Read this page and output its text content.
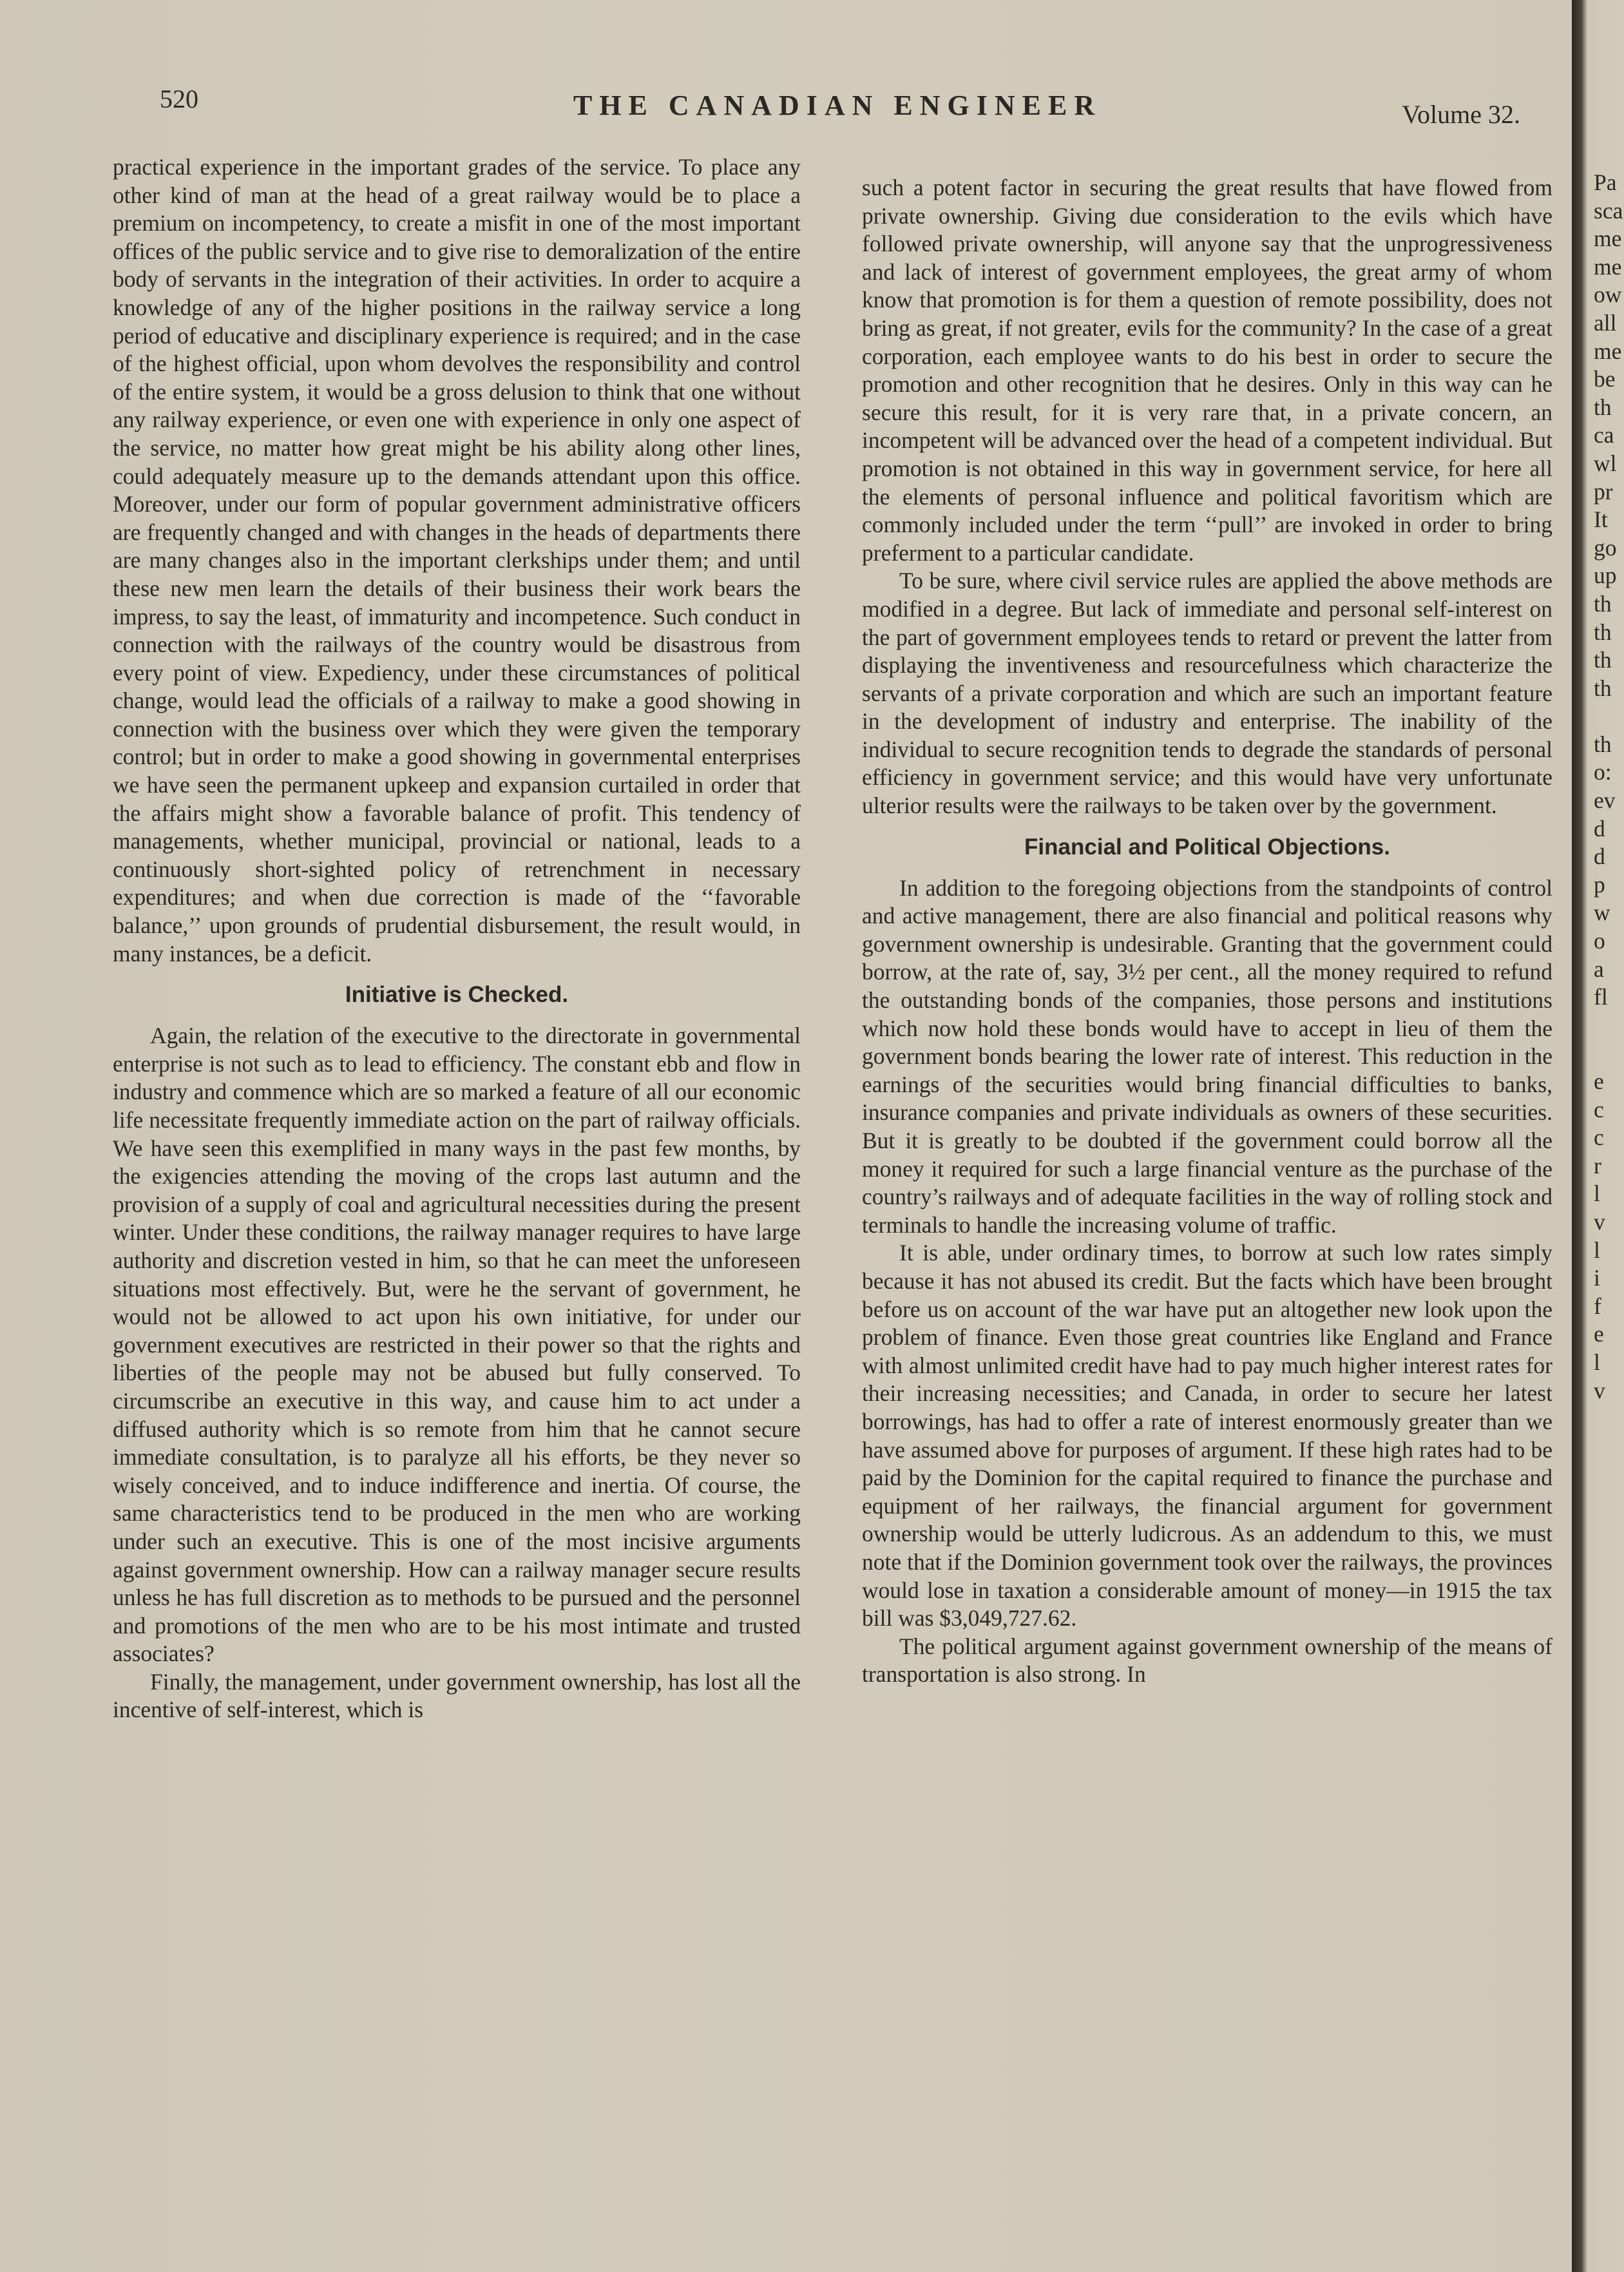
520	THE CANADIAN ENGINEER	Volume 32.

practical experience in the important grades of the service. To place any other kind of man at the head of a great railway would be to place a premium on incompetency, to create a misfit in one of the most important offices of the public service and to give rise to demoralization of the entire body of servants in the integration of their activities. In order to acquire a knowledge of any of the higher positions in the railway service a long period of educative and disciplinary experience is required; and in the case of the highest official, upon whom devolves the responsibility and control of the entire system, it would be a gross delusion to think that one without any railway experience, or even one with experience in only one aspect of the service, no matter how great might be his ability along other lines, could adequately measure up to the demands attendant upon this office. Moreover, under our form of popular government administrative officers are frequently changed and with changes in the heads of departments there are many changes also in the important clerkships under them; and until these new men learn the details of their business their work bears the impress, to say the least, of immaturity and incompetence. Such conduct in connection with the railways of the country would be disastrous from every point of view. Expediency, under these circumstances of political change, would lead the officials of a railway to make a good showing in connection with the business over which they were given the temporary control; but in order to make a good showing in governmental enterprises we have seen the permanent upkeep and expansion curtailed in order that the affairs might show a favorable balance of profit. This tendency of managements, whether municipal, provincial or national, leads to a continuously short-sighted policy of retrenchment in necessary expenditures; and when due correction is made of the ‘‘favorable balance,’’ upon grounds of prudential disbursement, the result would, in many instances, be a deficit.

Initiative is Checked.

Again, the relation of the executive to the directorate in governmental enterprise is not such as to lead to efficiency. The constant ebb and flow in industry and commence which are so marked a feature of all our economic life necessitate frequently immediate action on the part of railway officials. We have seen this exemplified in many ways in the past few months, by the exigencies attending the moving of the crops last autumn and the provision of a supply of coal and agricultural necessities during the present winter. Under these conditions, the railway manager requires to have large authority and discretion vested in him, so that he can meet the unforeseen situations most effectively. But, were he the servant of government, he would not be allowed to act upon his own initiative, for under our government executives are restricted in their power so that the rights and liberties of the people may not be abused but fully conserved. To circumscribe an executive in this way, and cause him to act under a diffused authority which is so remote from him that he cannot secure immediate consultation, is to paralyze all his efforts, be they never so wisely conceived, and to induce indifference and inertia. Of course, the same characteristics tend to be produced in the men who are working under such an executive. This is one of the most incisive arguments against government ownership. How can a railway manager secure results unless he has full discretion as to methods to be pursued and the personnel and promotions of the men who are to be his most intimate and trusted associates?

Finally, the management, under government ownership, has lost all the incentive of self-interest, which is

such a potent factor in securing the great results that have flowed from private ownership. Giving due consideration to the evils which have followed private ownership, will anyone say that the unprogressiveness and lack of interest of government employees, the great army of whom know that promotion is for them a question of remote possibility, does not bring as great, if not greater, evils for the community? In the case of a great corporation, each employee wants to do his best in order to secure the promotion and other recognition that he desires. Only in this way can he secure this result, for it is very rare that, in a private concern, an incompetent will be advanced over the head of a competent individual. But promotion is not obtained in this way in government service, for here all the elements of personal influence and political favoritism which are commonly included under the term ‘‘pull’’ are invoked in order to bring preferment to a particular candidate.

To be sure, where civil service rules are applied the above methods are modified in a degree. But lack of immediate and personal self-interest on the part of government employees tends to retard or prevent the latter from displaying the inventiveness and resourcefulness which characterize the servants of a private corporation and which are such an important feature in the development of industry and enterprise. The inability of the individual to secure recognition tends to degrade the standards of personal efficiency in government service; and this would have very unfortunate ulterior results were the railways to be taken over by the government.

Financial and Political Objections.

In addition to the foregoing objections from the standpoints of control and active management, there are also financial and political reasons why government ownership is undesirable. Granting that the government could borrow, at the rate of, say, 3½ per cent., all the money required to refund the outstanding bonds of the companies, those persons and institutions which now hold these bonds would have to accept in lieu of them the government bonds bearing the lower rate of interest. This reduction in the earnings of the securities would bring financial difficulties to banks, insurance companies and private individuals as owners of these securities. But it is greatly to be doubted if the government could borrow all the money it required for such a large financial venture as the purchase of the country’s railways and of adequate facilities in the way of rolling stock and terminals to handle the increasing volume of traffic.

It is able, under ordinary times, to borrow at such low rates simply because it has not abused its credit. But the facts which have been brought before us on account of the war have put an altogether new look upon the problem of finance. Even those great countries like England and France with almost unlimited credit have had to pay much higher interest rates for their increasing necessities; and Canada, in order to secure her latest borrowings, has had to offer a rate of interest enormously greater than we have assumed above for purposes of argument. If these high rates had to be paid by the Dominion for the capital required to finance the purchase and equipment of her railways, the financial argument for government ownership would be utterly ludicrous. As an addendum to this, we must note that if the Dominion government took over the railways, the provinces would lose in taxation a considerable amount of money—in 1915 the tax bill was $3,049,727.62.

The political argument against government ownership of the means of transportation is also strong. In

Pa
sca
me
me
ow
all
me
be
th
ca
wl
pr
It
go
up
th
th
th
th

th
o:
ev
d
d
p
w
o
a
fl

e
c
c
r
l
v
l
i
f
e
l
v
